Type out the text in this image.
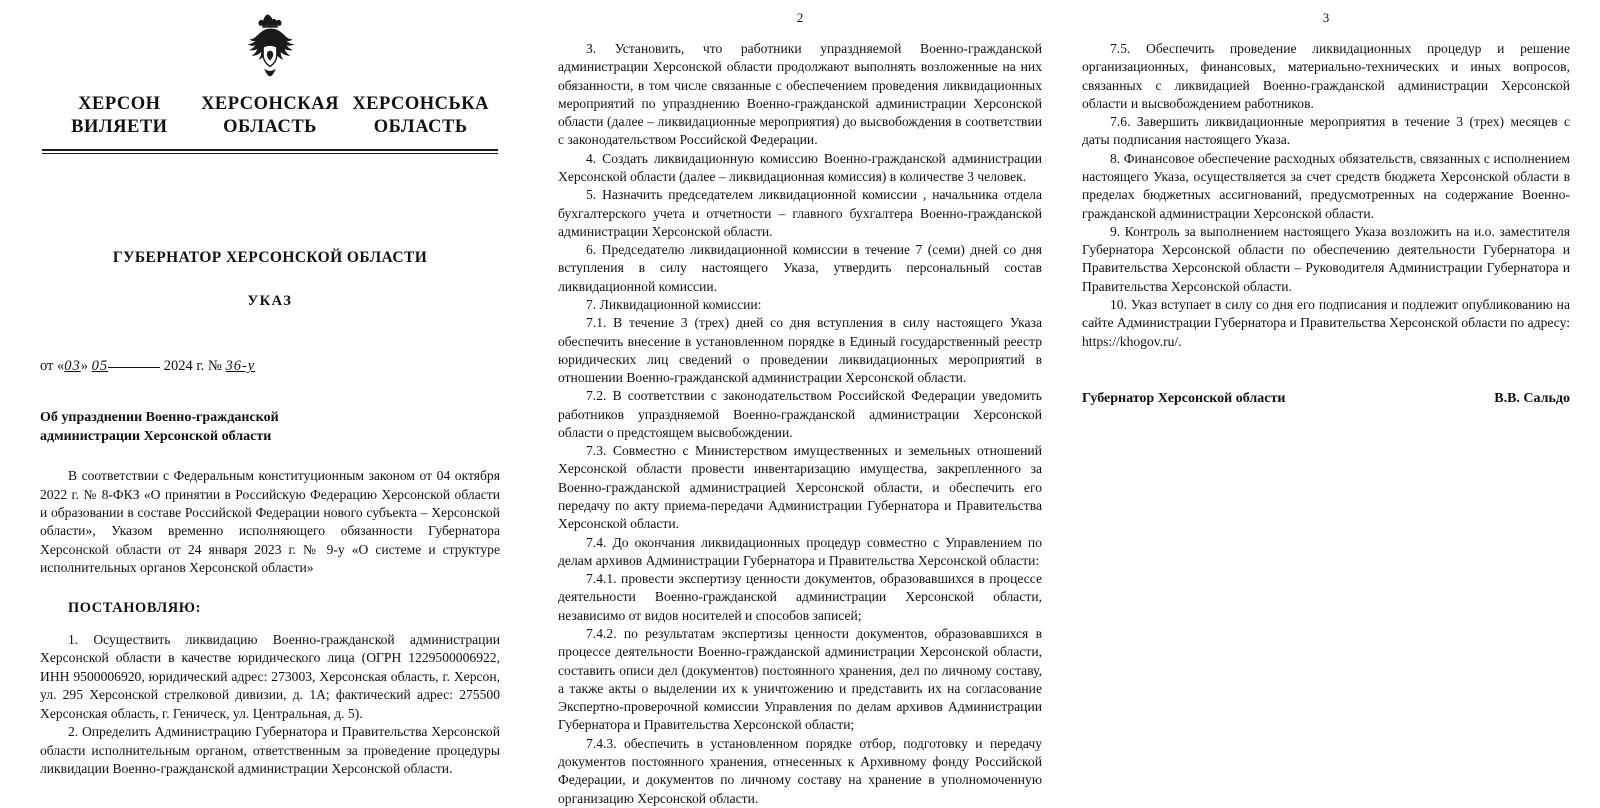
ХЕРСОН
ВИЛЯЕТИ
ХЕРСОНСКАЯ
ОБЛАСТЬ
ХЕРСОНСЬКА
ОБЛАСТЬ
ГУБЕРНАТОР ХЕРСОНСКОЙ ОБЛАСТИ
УКАЗ
от «03» 05	2024 г. № 36-у
Об упразднении Военно-гражданской администрации Херсонской области

В соответствии с Федеральным конституционным законом от 04 октября 2022 г. № 8-ФКЗ «О принятии в Российскую Федерацию Херсонской области и образовании в составе Российской Федерации нового субъекта – Херсонской области», Указом временно исполняющего обязанности Губернатора Херсонской области от 24 января 2023 г. № 9-у «О системе и структуре исполнительных органов Херсонской области»

ПОСТАНОВЛЯЮ:

1. Осуществить ликвидацию Военно-гражданской администрации Херсонской области в качестве юридического лица (ОГРН 1229500006922, ИНН 9500006920, юридический адрес: 273003, Херсонская область, г. Херсон, ул. 295 Херсонской стрелковой дивизии, д. 1А; фактический адрес: 275500 Херсонская область, г. Геническ, ул. Центральная, д. 5).

2. Определить Администрацию Губернатора и Правительства Херсонской области исполнительным органом, ответственным за проведение процедуры ликвидации Военно-гражданской администрации Херсонской области.

2

3. Установить, что работники упраздняемой Военно-гражданской администрации Херсонской области продолжают выполнять возложенные на них обязанности, в том числе связанные с обеспечением проведения ликвидационных мероприятий по упразднению Военно-гражданской администрации Херсонской области (далее – ликвидационные мероприятия) до высвобождения в соответствии с законодательством Российской Федерации.

4. Создать ликвидационную комиссию Военно-гражданской администрации Херсонской области (далее – ликвидационная комиссия) в количестве 3 человек.

5. Назначить председателем ликвидационной комиссии , начальника отдела бухгалтерского учета и отчетности – главного бухгалтера Военно-гражданской администрации Херсонской области.

6. Председателю ликвидационной комиссии в течение 7 (семи) дней со дня вступления в силу настоящего Указа, утвердить персональный состав ликвидационной комиссии.

7. Ликвидационной комиссии:

7.1. В течение 3 (трех) дней со дня вступления в силу настоящего Указа обеспечить внесение в установленном порядке в Единый государственный реестр юридических лиц сведений о проведении ликвидационных мероприятий в отношении Военно-гражданской администрации Херсонской области.

7.2. В соответствии с законодательством Российской Федерации уведомить работников упраздняемой Военно-гражданской администрации Херсонской области о предстоящем высвобождении.

7.3. Совместно с Министерством имущественных и земельных отношений Херсонской области провести инвентаризацию имущества, закрепленного за Военно-гражданской администрацией Херсонской области, и обеспечить его передачу по акту приема-передачи Администрации Губернатора и Правительства Херсонской области.

7.4. До окончания ликвидационных процедур совместно с Управлением по делам архивов Администрации Губернатора и Правительства Херсонской области:

7.4.1. провести экспертизу ценности документов, образовавшихся в процессе деятельности Военно-гражданской администрации Херсонской области, независимо от видов носителей и способов записей;

7.4.2. по результатам экспертизы ценности документов, образовавшихся в процессе деятельности Военно-гражданской администрации Херсонской области, составить описи дел (документов) постоянного хранения, дел по личному составу, а также акты о выделении их к уничтожению и представить их на согласование Экспертно-проверочной комиссии Управления по делам архивов Администрации Губернатора и Правительства Херсонской области;

7.4.3. обеспечить в установленном порядке отбор, подготовку и передачу документов постоянного хранения, отнесенных к Архивному фонду Российской Федерации, и документов по личному составу на хранение в уполномоченную организацию Херсонской области.

3

7.5. Обеспечить проведение ликвидационных процедур и решение организационных, финансовых, материально-технических и иных вопросов, связанных с ликвидацией Военно-гражданской администрации Херсонской области и высвобождением работников.

7.6. Завершить ликвидационные мероприятия в течение 3 (трех) месяцев с даты подписания настоящего Указа.

8. Финансовое обеспечение расходных обязательств, связанных с исполнением настоящего Указа, осуществляется за счет средств бюджета Херсонской области в пределах бюджетных ассигнований, предусмотренных на содержание Военно-гражданской администрации Херсонской области.

9. Контроль за выполнением настоящего Указа возложить на и.о. заместителя Губернатора Херсонской области по обеспечению деятельности Губернатора и Правительства Херсонской области – Руководителя Администрации Губернатора и Правительства Херсонской области.

10. Указ вступает в силу со дня его подписания и подлежит опубликованию на сайте Администрации Губернатора и Правительства Херсонской области по адресу: https://khogov.ru/.

Губернатор Херсонской области	В.В. Сальдо
